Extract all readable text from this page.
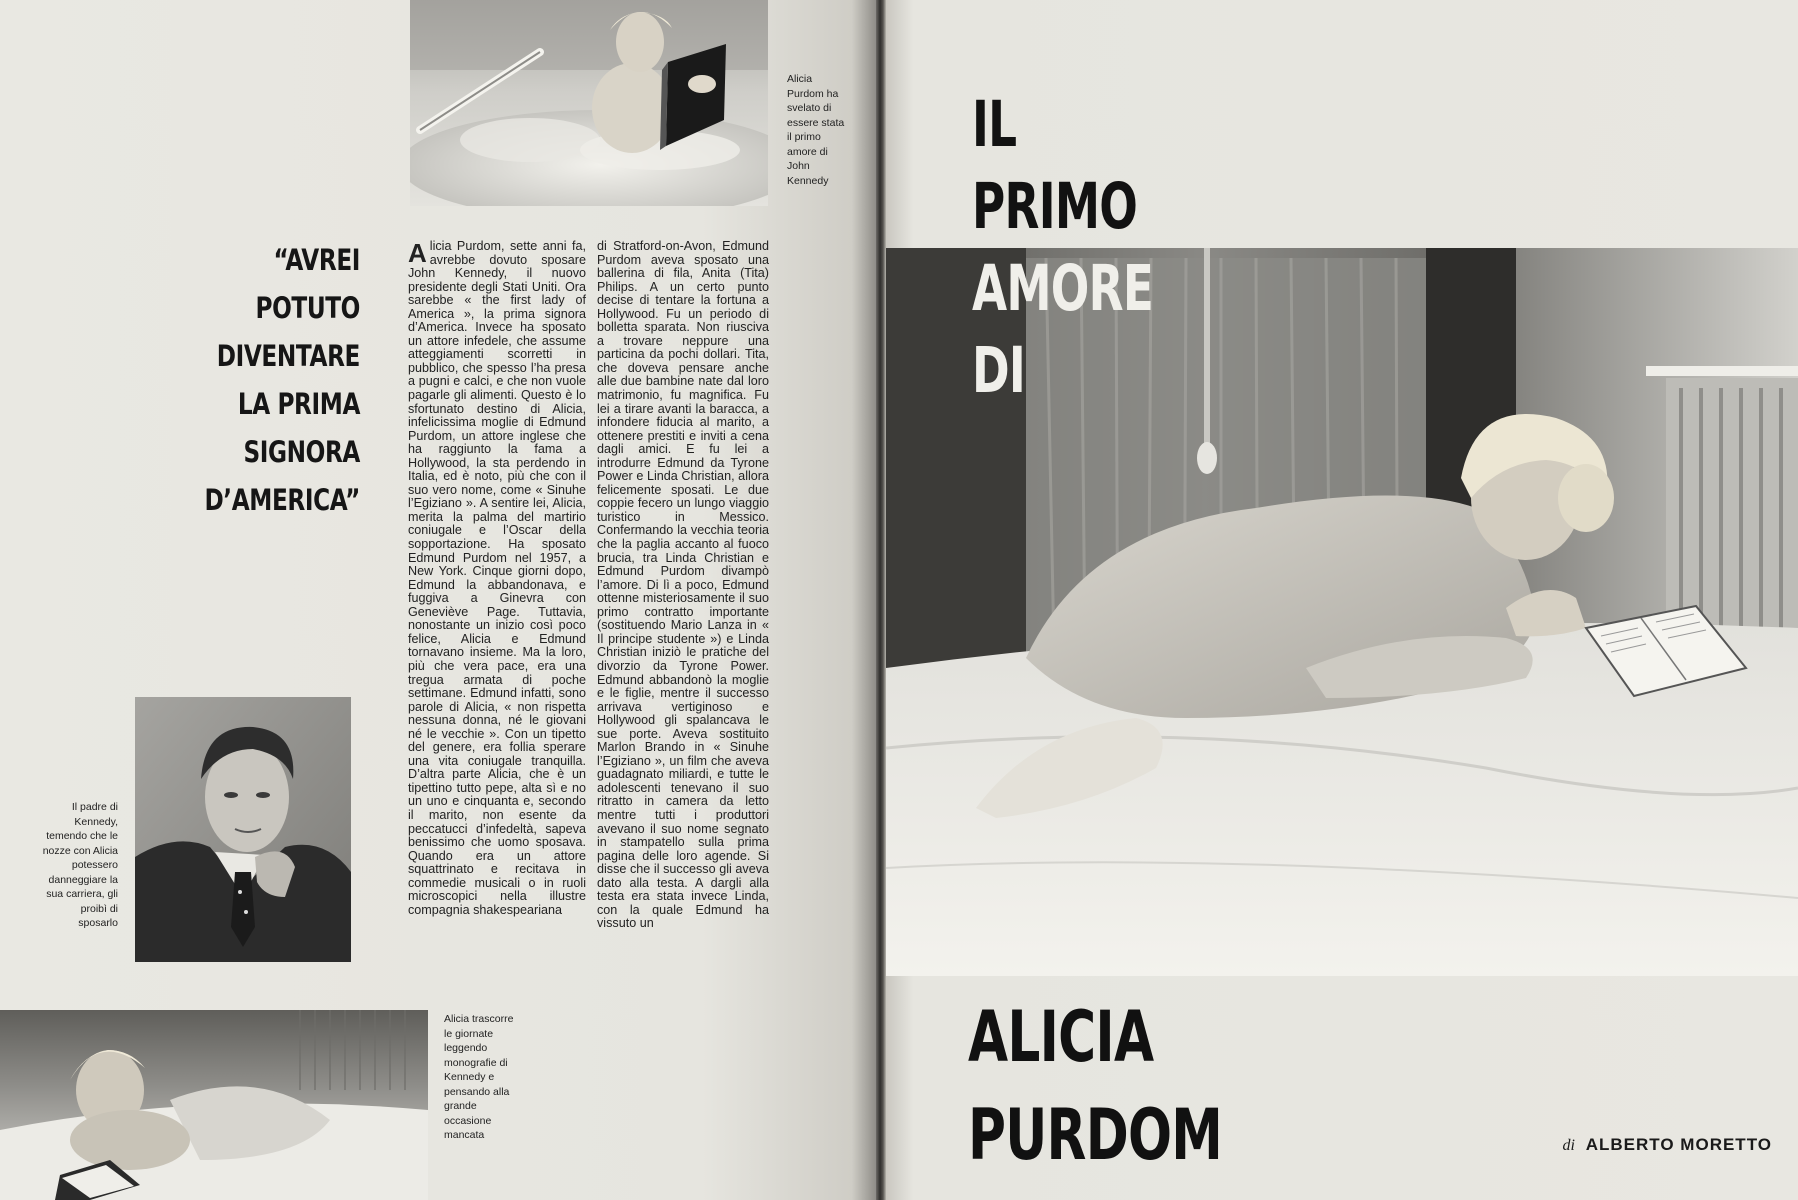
Alicia Purdom ha svelato di essere stata il primo amore di John Kennedy
“AVREI
POTUTO
DIVENTARE
LA PRIMA
SIGNORA
D’AMERICA”
Alicia Purdom, sette anni fa, avrebbe dovuto sposare John Kennedy, il nuovo presidente degli Stati Uniti. Ora sarebbe « the first lady of America », la prima signora d’America. Invece ha sposato un attore infedele, che assume atteggiamenti scorretti in pubblico, che spesso l’ha presa a pugni e calci, e che non vuole pagarle gli alimenti. Questo è lo sfortunato destino di Alicia, infelicissima moglie di Edmund Purdom, un attore inglese che ha raggiunto la fama a Hollywood, la sta perdendo in Italia, ed è noto, più che con il suo vero nome, come « Sinuhe l’Egiziano ». A sentire lei, Alicia, merita la palma del martirio coniugale e l’Oscar della sopportazione. Ha sposato Edmund Purdom nel 1957, a New York. Cinque giorni dopo, Edmund la abbandonava, e fuggiva a Ginevra con Geneviève Page. Tuttavia, nonostante un inizio così poco felice, Alicia e Edmund tornavano insieme. Ma la loro, più che vera pace, era una tregua armata di poche settimane. Edmund infatti, sono parole di Alicia, « non rispetta nessuna donna, né le giovani né le vecchie ». Con un tipetto del genere, era follia sperare una vita coniugale tranquilla. D’altra parte Alicia, che è un tipettino tutto pepe, alta sì e no un uno e cinquanta e, secondo il marito, non esente da peccatucci d’infedeltà, sapeva benissimo che uomo sposava. Quando era un attore squattrinato e recitava in commedie musicali o in ruoli microscopici nella illustre compagnia shakespeariana
di Stratford-on-Avon, Edmund Purdom aveva sposato una ballerina di fila, Anita (Tita) Philips. A un certo punto decise di tentare la fortuna a Hollywood. Fu un periodo di bolletta sparata. Non riusciva a trovare neppure una particina da pochi dollari. Tita, che doveva pensare anche alle due bambine nate dal loro matrimonio, fu magnifica. Fu lei a tirare avanti la baracca, a infondere fiducia al marito, a ottenere prestiti e inviti a cena dagli amici. E fu lei a introdurre Edmund da Tyrone Power e Linda Christian, allora felicemente sposati. Le due coppie fecero un lungo viaggio turistico in Messico. Confermando la vecchia teoria che la paglia accanto al fuoco brucia, tra Linda Christian e Edmund Purdom divampò l’amore. Di lì a poco, Edmund ottenne misteriosamente il suo primo contratto importante (sostituendo Mario Lanza in « Il principe studente ») e Linda Christian iniziò le pratiche del divorzio da Tyrone Power. Edmund abbandonò la moglie e le figlie, mentre il successo arrivava vertiginoso e Hollywood gli spalancava le sue porte. Aveva sostituito Marlon Brando in « Sinuhe l’Egiziano », un film che aveva guadagnato miliardi, e tutte le adolescenti tenevano il suo ritratto in camera da letto mentre tutti i produttori avevano il suo nome segnato in stampatello sulla prima pagina delle loro agende. Si disse che il successo gli aveva dato alla testa. A dargli alla testa era stata invece Linda, con la quale Edmund ha vissuto un
Il padre di Kennedy, temendo che le nozze con Alicia potessero danneggiare la sua carriera, gli proibì di sposarlo
Alicia trascorre le giornate leggendo monografie di Kennedy e pensando alla grande occasione mancata

IL
PRIMO
AMORE
DI
ALICIA
PURDOM	di ALBERTO MORETTO
